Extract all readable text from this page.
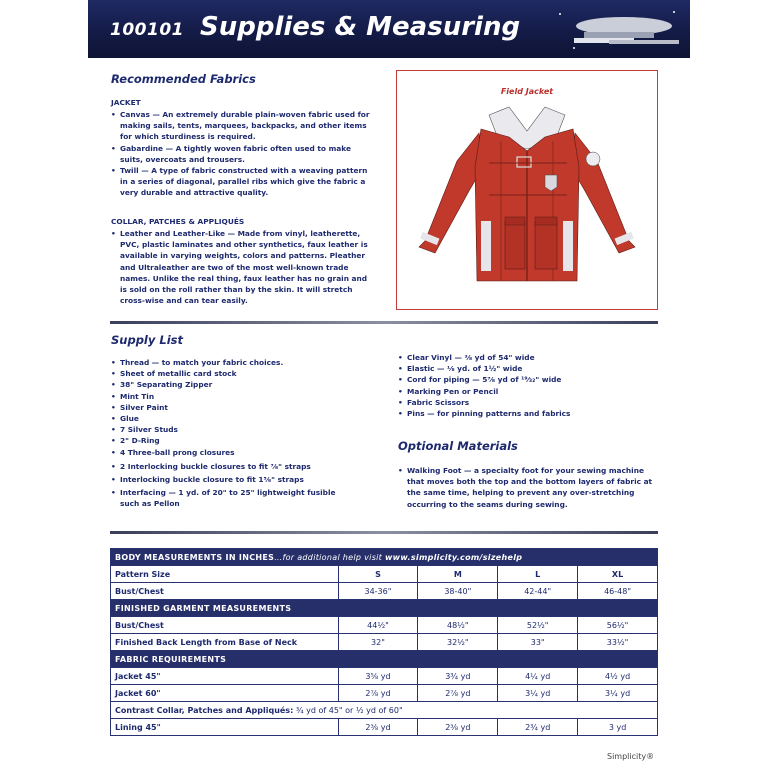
100101 Supplies & Measuring
Recommended Fabrics
JACKET
• Canvas — An extremely durable plain-woven fabric used for making sails, tents, marquees, backpacks, and other items for which sturdiness is required.
• Gabardine — A tightly woven fabric often used to make suits, overcoats and trousers.
• Twill — A type of fabric constructed with a weaving pattern in a series of diagonal, parallel ribs which give the fabric a very durable and attractive quality.
COLLAR, PATCHES & APPLIQUÉS
• Leather and Leather-Like — Made from vinyl, leatherette, PVC, plastic laminates and other synthetics, faux leather is available in varying weights, colors and patterns. Pleather and Ultraleather are two of the most well-known trade names. Unlike the real thing, faux leather has no grain and is sold on the roll rather than by the skin. It will stretch cross-wise and can tear easily.
Field Jacket
Supply List
• Thread — to match your fabric choices.
• Sheet of metallic card stock
• 38" Separating Zipper
• Mint Tin
• Silver Paint
• Glue
• 7 Silver Studs
• 2" D-Ring
• 4 Three-ball prong closures
• 2 Interlocking buckle closures to fit ⅞" straps
• Interlocking buckle closure to fit 1⅝" straps
• Interfacing — 1 yd. of 20" to 25" lightweight fusible such as Pellon
• Clear Vinyl — ⅜ yd of 54" wide
• Elastic — ⅛ yd. of 1½" wide
• Cord for piping — 5⅞ yd of ¹⁹⁄₃₂" wide
• Marking Pen or Pencil
• Fabric Scissors
• Pins — for pinning patterns and fabrics
Optional Materials
• Walking Foot — a specialty foot for your sewing machine that moves both the top and the bottom layers of fabric at the same time, helping to prevent any over-stretching occurring to the seams during sewing.
BODY MEASUREMENTS IN INCHES…for additional help visit www.simplicity.com/sizehelp				
Pattern Size	S	M	L	XL
Bust/Chest	34-36"	38-40"	42-44"	46-48"
FINISHED GARMENT MEASUREMENTS				
Bust/Chest	44½"	48½"	52½"	56½"
Finished Back Length from Base of Neck	32"	32½"	33"	33½"
FABRIC REQUIREMENTS				
Jacket 45"	3⅝ yd	3¾ yd	4¼ yd	4½ yd
Jacket 60"	2⁷⁄₈ yd	2⁷⁄₈ yd	3¼ yd	3¼ yd
Contrast Collar, Patches and Appliqués: ¾ yd of 45" or ½ yd of 60"				
Lining 45"	2³⁄₈ yd	2³⁄₈ yd	2¾ yd	3 yd
Simplicity®
